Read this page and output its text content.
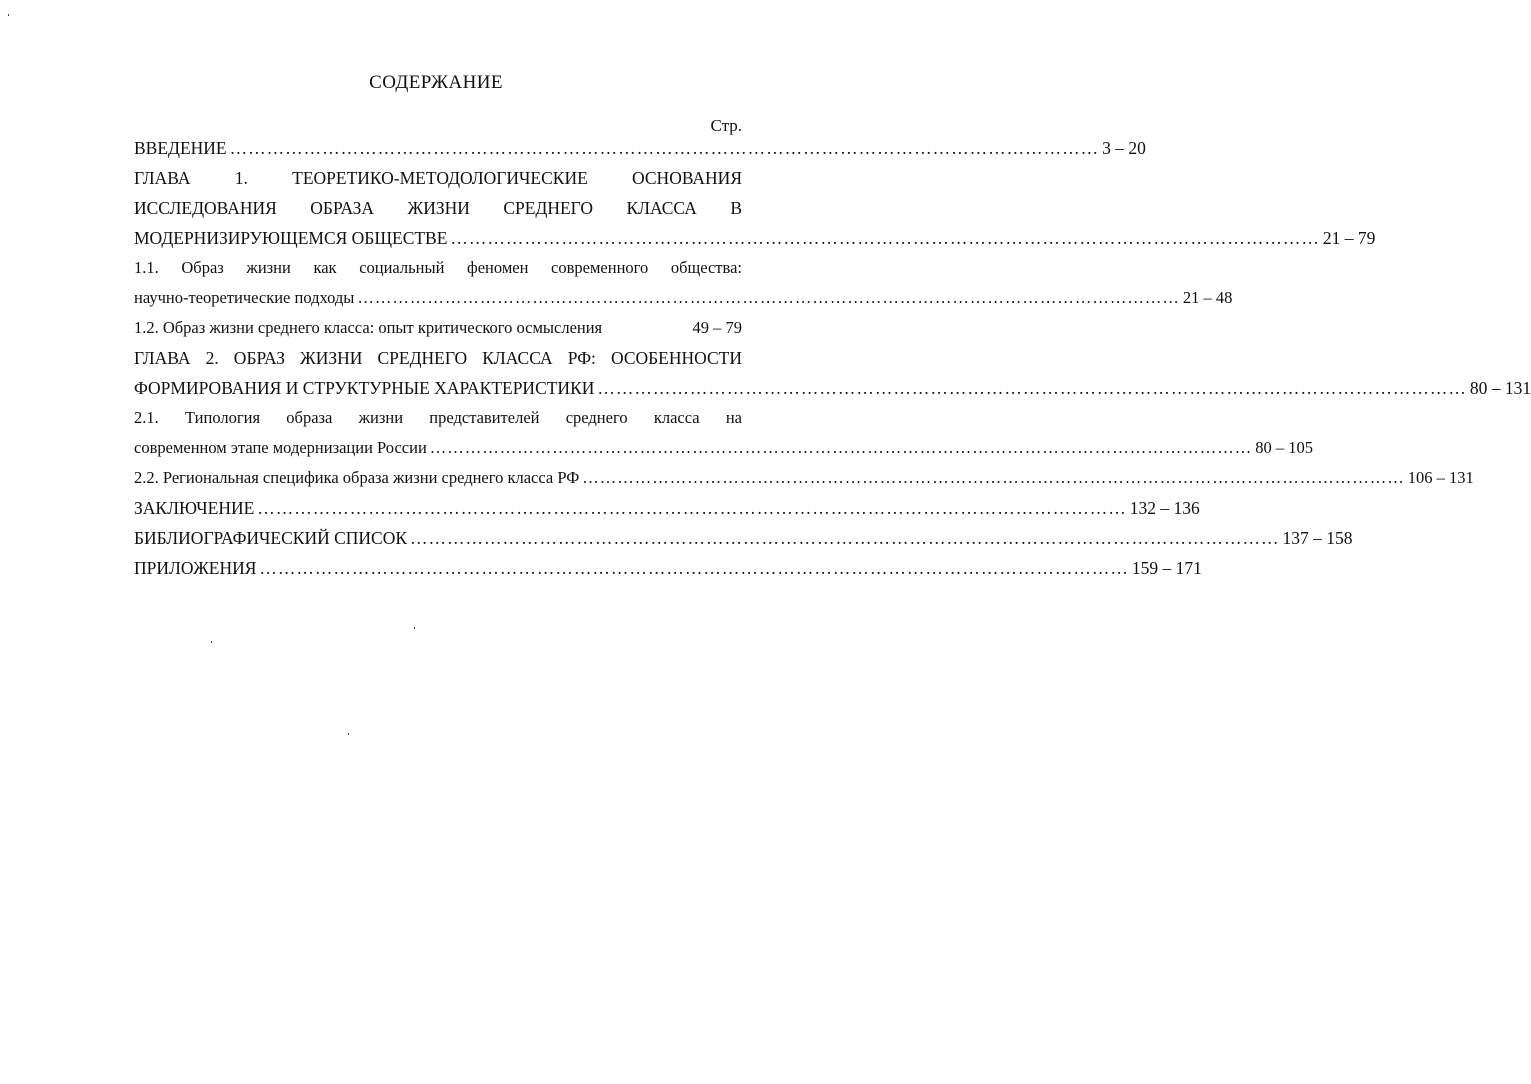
СОДЕРЖАНИЕ
Стр.
ВВЕДЕНИЕ …………………………………………………………………………………………………………………………… 3 – 20
ГЛАВА 1. ТЕОРЕТИКО-МЕТОДОЛОГИЧЕСКИЕ ОСНОВАНИЯ
ИССЛЕДОВАНИЯ ОБРАЗА ЖИЗНИ СРЕДНЕГО КЛАССА В
МОДЕРНИЗИРУЮЩЕМСЯ ОБЩЕСТВЕ …………………………………………………………………………………………………………………………… 21 – 79
1.1. Образ жизни как социальный феномен современного общества:
научно-теоретические подходы …………………………………………………………………………………………………………………………… 21 – 48
1.2. Образ жизни среднего класса: опыт критического осмысления	49 – 79
ГЛАВА 2. ОБРАЗ ЖИЗНИ СРЕДНЕГО КЛАССА РФ: ОСОБЕННОСТИ
ФОРМИРОВАНИЯ И СТРУКТУРНЫЕ ХАРАКТЕРИСТИКИ …………………………………………………………………………………………………………………………… 80 – 131
2.1. Типология образа жизни представителей среднего класса на
современном этапе модернизации России …………………………………………………………………………………………………………………………… 80 – 105
2.2. Региональная специфика образа жизни среднего класса РФ …………………………………………………………………………………………………………………………… 106 – 131
ЗАКЛЮЧЕНИЕ …………………………………………………………………………………………………………………………… 132 – 136
БИБЛИОГРАФИЧЕСКИЙ СПИСОК …………………………………………………………………………………………………………………………… 137 – 158
ПРИЛОЖЕНИЯ …………………………………………………………………………………………………………………………… 159 – 171
